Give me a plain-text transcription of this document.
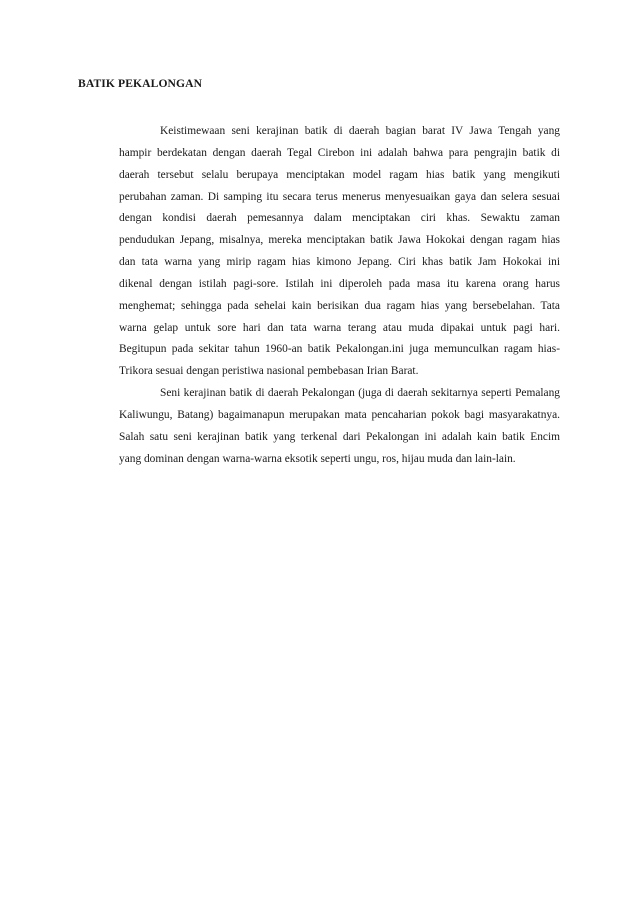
BATIK PEKALONGAN
Keistimewaan seni kerajinan batik di daerah bagian barat IV Jawa Tengah yang
hampir berdekatan dengan daerah Tegal Cirebon ini adalah bahwa para pengrajin batik di
daerah tersebut selalu berupaya menciptakan model ragam hias batik yang mengikuti
perubahan zaman. Di samping itu secara terus menerus menyesuaikan gaya dan selera sesuai
dengan kondisi daerah pemesannya dalam menciptakan ciri khas. Sewaktu zaman
pendudukan Jepang, misalnya, mereka menciptakan batik Jawa Hokokai dengan ragam hias
dan tata warna yang mirip ragam hias kimono Jepang. Ciri khas batik Jam Hokokai ini
dikenal dengan istilah pagi-sore. Istilah ini diperoleh pada masa itu karena orang harus
menghemat; sehingga pada sehelai kain berisikan dua ragam hias yang bersebelahan. Tata
warna gelap untuk sore hari dan tata warna terang atau muda dipakai untuk pagi hari.
Begitupun pada sekitar tahun 1960-an batik Pekalongan.ini juga memunculkan ragam hias-
Trikora sesuai dengan peristiwa nasional pembebasan Irian Barat.
Seni kerajinan batik di daerah Pekalongan (juga di daerah sekitarnya seperti Pemalang
Kaliwungu, Batang) bagaimanapun merupakan mata pencaharian pokok bagi masyarakatnya.
Salah satu seni kerajinan batik yang terkenal dari Pekalongan ini adalah kain batik Encim
yang dominan dengan warna-warna eksotik seperti ungu, ros, hijau muda dan lain-lain.
